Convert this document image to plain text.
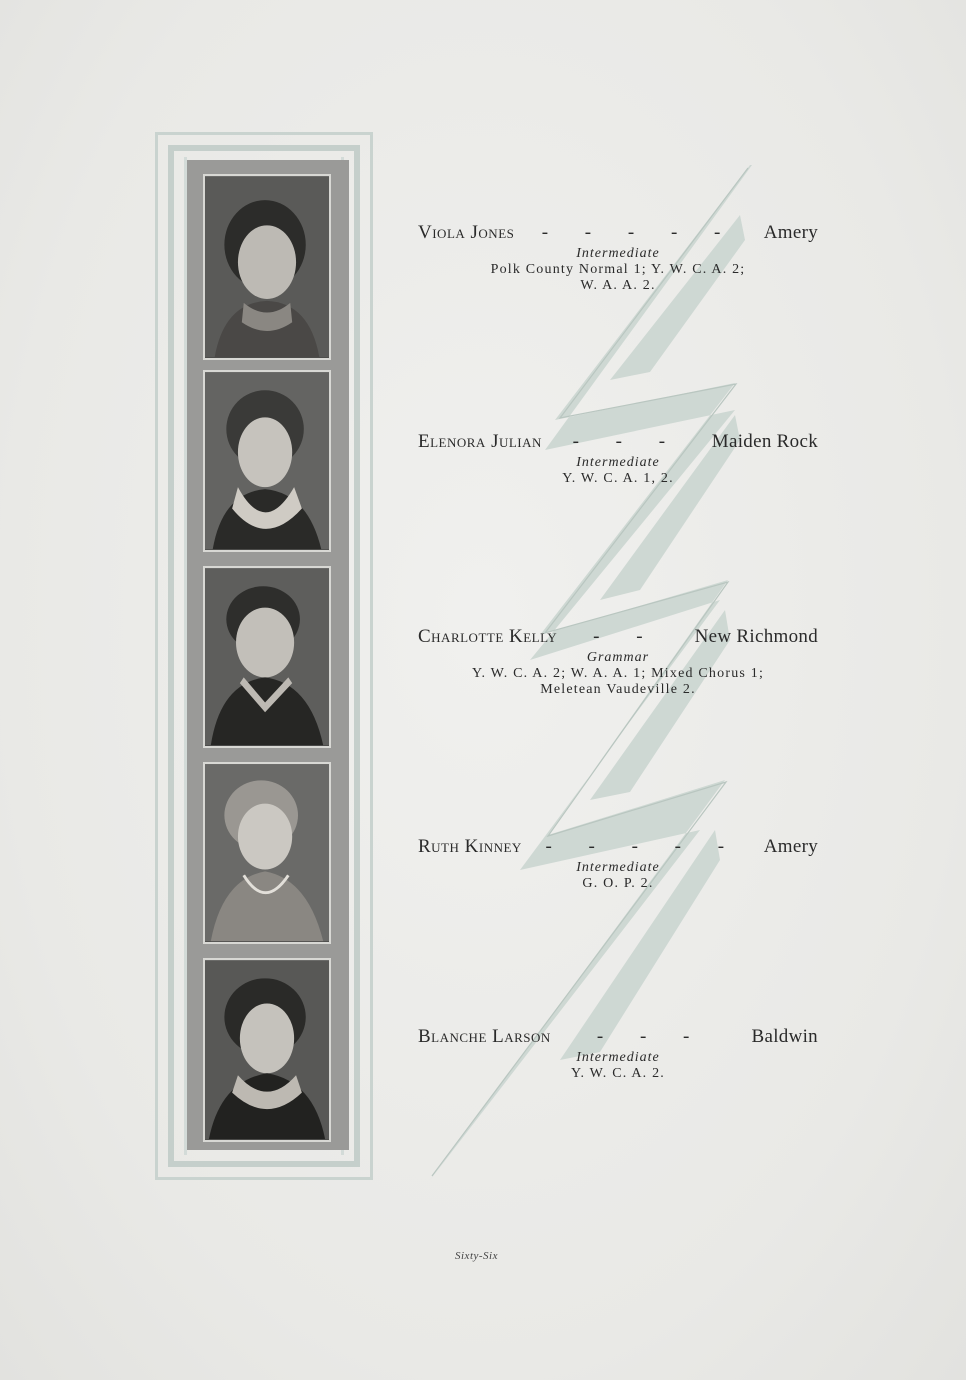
Viola Jones	- - - - -	Amery
Intermediate
Polk County Normal 1; Y. W. C. A. 2;
W. A. A. 2.
Elenora Julian	- - -	Maiden Rock
Intermediate
Y. W. C. A. 1, 2.
Charlotte Kelly	- -	New Richmond
Grammar
Y. W. C. A. 2; W. A. A. 1; Mixed Chorus 1;
Meletean Vaudeville 2.
Ruth Kinney	- - - - -	Amery
Intermediate
G. O. P. 2.
Blanche Larson	- - -	Baldwin
Intermediate
Y. W. C. A. 2.
Sixty-Six
